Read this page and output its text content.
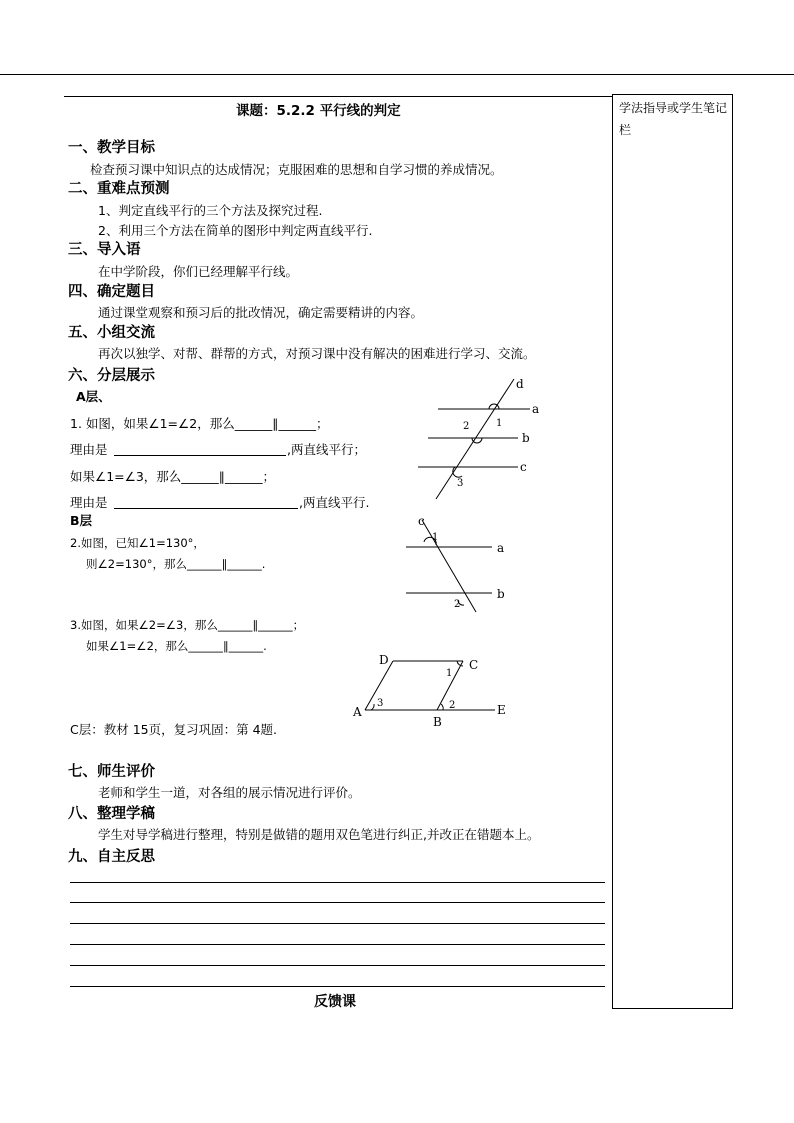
课题：5.2.2 平行线的判定	学法指导或学生笔记栏
一、教学目标
检查预习课中知识点的达成情况；克服困难的思想和自学习惯的养成情况。
二、重难点预测
1、判定直线平行的三个方法及探究过程.
2、利用三个方法在简单的图形中判定两直线平行.
三、导入语
在中学阶段，你们已经理解平行线。
四、确定题目
通过课堂观察和预习后的批改情况，确定需要精讲的内容。
五、小组交流
再次以独学、对帮、群帮的方式，对预习课中没有解决的困难进行学习、交流。
六、分层展示
A层、
1. 如图，如果∠1=∠2，那么______∥______；
理由是	,两直线平行；
如果∠1=∠3，那么______∥______；
理由是	,两直线平行.
B层
2.如图，已知∠1=130°，
则∠2=130°，那么______∥______.
3.如图，如果∠2=∠3，那么______∥______；
如果∠1=∠2，那么______∥______.
C层：教材 15页，复习巩固：第 4题.
七、师生评价
老师和学生一道，对各组的展示情况进行评价。
八、整理学稿
学生对导学稿进行整理，特别是做错的题用双色笔进行纠正,并改正在错题本上。
九、自主反思
反馈课
d
a
b
c
1
2
3
c
1
a
b
2
D	C
A
B
E
1
2
3
